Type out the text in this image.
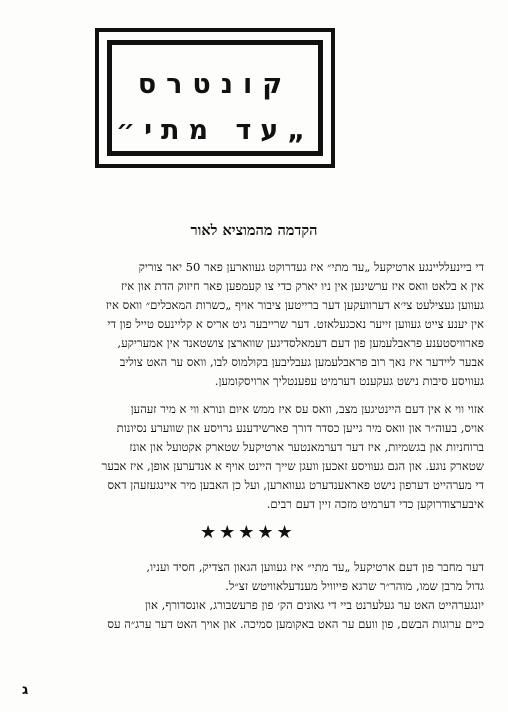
קונטרס
„עד מתי״
הקדמה מהמוציא לאור
די ביינעלליינגע ארטיקעל „עד מתי״ איז געדרוקט געווארען פאר 50 יאר צוריק
אין א בלאט וואס איז ערשינען אין ניו יארק כדי צו קעמפען פאר חיזוק הדת און איז
געווען געצילעט צי׳א דערוועקען דער ברייטען ציבור אויף „כשרות המאכלים״ וואס איז
אין יענע צייט געווען זייער נאכגעלאזט. דער שרייבער גיט אריס א קליינעס טייל פון די
פארוויסטענע פראבלעמען פון דעם דעמאלסדיגען שווארצן צושטאנד אין אמעריקע,
אבער ליידער איז נאך רוב פראבלעמען געבליבען בקולמוס לבו, וואס ער האט צוליב
געוויסע סיבות נישט געקענט דערמיט עפענטליך ארויסקומען.
אזוי ווי א אין דעם היינטיגען מצב, וואס עס איז ממש איום ונורא ווי א מיר זעהען
אויס, בעוה״ר און וואס מיר גייען כסדר דורך פארשידענע גרויסע און שווערע נסיונות
ברוחניות און בגשמיות, איז דער דערמאנטער ארטיקעל שטארק אקטועל און אונז
שטארק נוגע. און הגם געוויסע זאכען וועגן שייך היינט אויף א אנדערען אופן, איז אבער
די מערהייט דערפון נישט פאראענדערט געווארען, ועל כן האבען מיר איינגעזעהן דאס
איבערצודרוקען כדי דערמיט מזכה זיין דעם רבים.
★★★★★
דער מחבר פון דעם ארטיקעל „עד מתי״ איז געווען הגאון הצדיק, חסיד ועניו,
גדול מרבן שמו, מוהר״ר שרגא פייוויל מענדעלאוויטש זצ״ל.
יונגערהייט האט ער געלערנט ביי די גאונים הק׳ פון פרעשבורג, אונסדורף, און
כיים ערוגות הבשם, פון וועם ער האט באקומען סמיכה. און אויך האט דער ערג״ה עס
ג
